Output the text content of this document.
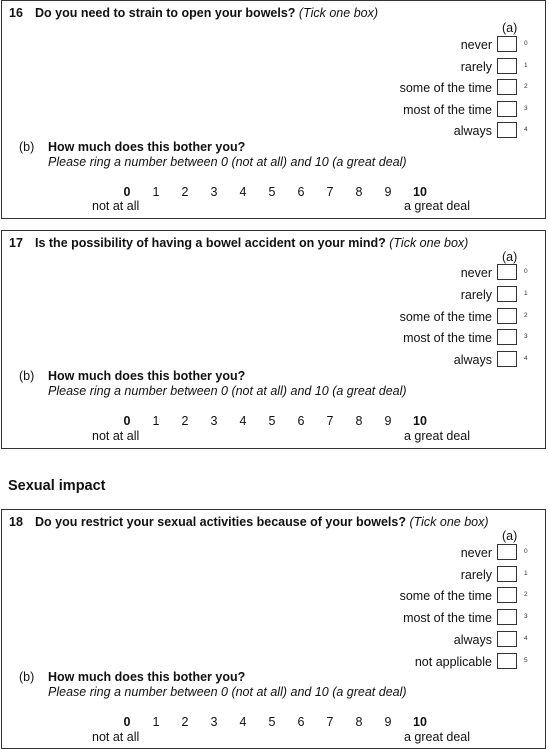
16 Do you need to strain to open your bowels? (Tick one box)
(a)
never	0
rarely	1
some of the time	2
most of the time	3
always	4
(b) How much does this bother you?
Please ring a number between 0 (not at all) and 10 (a great deal)
0	1	2	3	4	5	6	7	8	9	10
not at all	a great deal
17 Is the possibility of having a bowel accident on your mind? (Tick one box)
(a)
never	0
rarely	1
some of the time	2
most of the time	3
always	4
(b) How much does this bother you?
Please ring a number between 0 (not at all) and 10 (a great deal)
0	1	2	3	4	5	6	7	8	9	10
not at all	a great deal
Sexual impact
18 Do you restrict your sexual activities because of your bowels? (Tick one box)
(a)
never	0
rarely	1
some of the time	2
most of the time	3
always	4
not applicable	5
(b) How much does this bother you?
Please ring a number between 0 (not at all) and 10 (a great deal)
0	1	2	3	4	5	6	7	8	9	10
not at all	a great deal
